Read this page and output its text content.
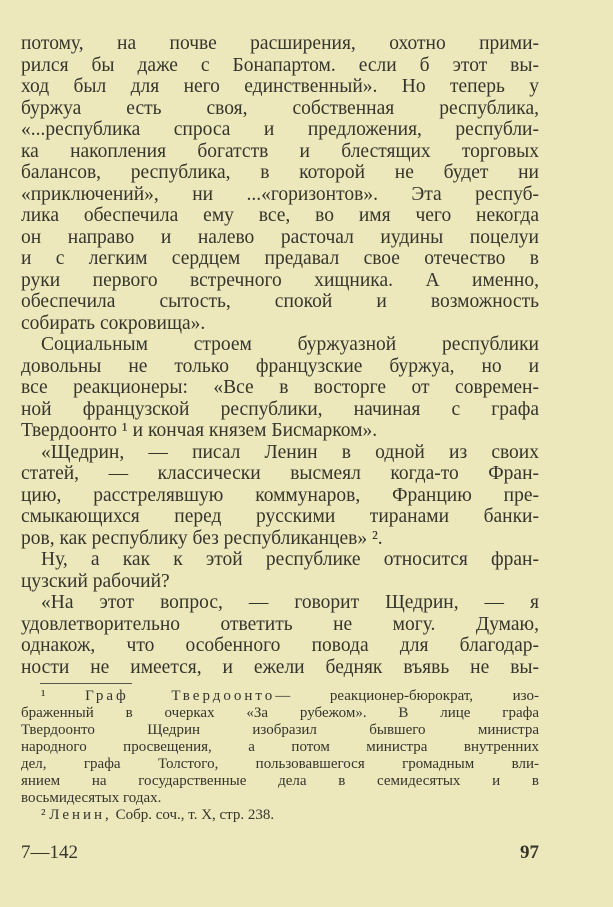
потому, на почве расширения, охотно прими-
рился бы даже с Бонапартом. если б этот вы-
ход был для него единственный». Но теперь у
буржуа есть своя, собственная республика,
«...республика спроса и предложения, республи-
ка накопления богатств и блестящих торговых
балансов, республика, в которой не будет ни
«приключений», ни ...«горизонтов». Эта респуб-
лика обеспечила ему все, во имя чего некогда
он направо и налево расточал иудины поцелуи
и с легким сердцем предавал свое отечество в
руки первого встречного хищника. А именно,
обеспечила сытость, спокой и возможность
собирать сокровища».
Социальным строем буржуазной республики
довольны не только французские буржуа, но и
все реакционеры: «Все в восторге от современ-
ной французской республики, начиная с графа
Твердоонто ¹ и кончая князем Бисмарком».
«Щедрин, — писал Ленин в одной из своих
статей, — классически высмеял когда-то Фран-
цию, расстрелявшую коммунаров, Францию пре-
смыкающихся перед русскими тиранами банки-
ров, как республику без республиканцев» ².
Ну, а как к этой республике относится фран-
цузский рабочий?
«На этот вопрос, — говорит Щедрин, — я
удовлетворительно ответить не могу. Думаю,
однакож, что особенного повода для благодар-
ности не имеется, и ежели бедняк въявь не вы-
¹	Граф Твердоонто— реакционер-бюрократ, изо-
браженный в очерках «За рубежом». В лице графа
Твердоонто Щедрин изобразил бывшего министра
народного просвещения, а потом министра внутренних
дел, графа Толстого, пользовавшегося громадным вли-
янием на государственные дела в семидесятых и в
восьмидесятых годах.
² Ленин, Собр. соч., т. X, стр. 238.
7—142	97
